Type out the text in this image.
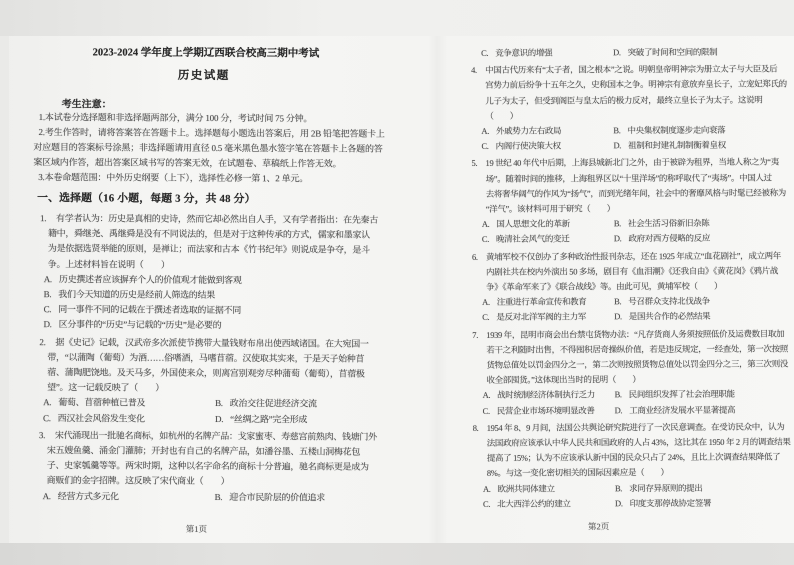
2023-2024 学年度上学期辽西联合校高三期中考试
历史试题
考生注意：
1.本试卷分选择题和非选择题两部分，满分 100 分，考试时间 75 分钟。
2.考生作答时，请将答案答在答题卡上。选择题每小题选出答案后，用 2B 铅笔把答题卡上
对应题目的答案标号涂黑；非选择题请用直径 0.5 毫米黑色墨水签字笔在答题卡上各题的答
案区域内作答，超出答案区域书写的答案无效，在试题卷、草稿纸上作答无效。
3.本卷命题范围：中外历史纲要（上下），选择性必修一第 1、2 单元。
一、选择题（16 小题，每题 3 分，共 48 分）
1. 有学者认为：历史是真相的史诗，然而它却必然出自人手，又有学者指出：在先秦古
籍中，舜继尧、禹继舜是没有不同说法的，但是对于这种传承的方式，儒家和墨家认
为是依据选贤举能的原则，是禅让；而法家和古本《竹书纪年》则说成是争夺，是斗
争。上述材料旨在说明（　　）
A. 历史撰述者应该摒弃个人的价值观才能做到客观
B. 我们今天知道的历史是经前人筛选的结果
C. 同一事件不同的记载在于撰述者选取的证据不同
D. 区分事件的“历史”与记载的“历史”是必要的
2. 据《史记》记载，汉武帝多次派使节携带大量钱财布帛出使西域诸国。在大宛国一
带，“以蒲陶（葡萄）为酒……俗嗜酒，马嗜苜蓿。汉使取其实来，于是天子始种苜
蓿、蒲陶肥饶地。及天马多，外国使来众，则离宫别观旁尽种蒲萄（葡萄），苜蓿极
望”。这一记载反映了（　　）
A. 葡萄、苜蓿种植已普及	B. 政治交往促进经济交流
C. 西汉社会风俗发生变化	D. “丝绸之路”完全形成
3. 宋代涌现出一批驰名商标，如杭州的名牌产品：戈家蜜枣、寿慈宫前熟肉、钱塘门外
宋五嫂鱼羹、涌金门灌肺；开封也有自己的名牌产品，如潘谷墨、五楼山洞梅花包
子、史家瓠羹等等。两宋时期，这种以名字命名的商标十分普遍，驰名商标更是成为
商贩们的金字招牌。这反映了宋代商业（　　）
A. 经营方式多元化	B. 迎合市民阶层的价值追求
第1页
C. 竞争意识的增强	D. 突破了时间和空间的限制
4. 中国古代历来有“太子者，国之根本”之说。明朝皇帝明神宗为册立太子与大臣及后
宫势力前后纷争十五年之久，史称国本之争。明神宗有意放弃皇长子，立宠妃郑氏的
儿子为太子，但受到阁臣与皇太后的极力反对，最终立皇长子为太子。这说明
（　　）
A. 外戚势力左右政局	B. 中央集权制度逐步走向衰落
C. 内阁行使决策大权	D. 祖制和封建礼制制衡着皇权
5. 19 世纪 40 年代中后期，上海县城新北门之外，由于被辟为租界，当地人称之为“夷
场”。随着时间的推移，上海租界区以“十里洋场”的称呼取代了“夷场”。中国人过
去将奢华阔气的作风为“扬气”，而到光绪年间，社会中的奢靡风格与时髦已经被称为
“洋气”。该材料可用于研究（　　）
A. 国人思想文化的革新	B. 社会生活习俗新旧杂陈
C. 晚清社会风气的变迁	D. 政府对西方侵略的反应
6. 黄埔军校不仅创办了多种政治性报刊杂志，还在 1925 年成立“血花剧社”，成立两年
内剧社共在校内外演出 50 多场，剧目有《血泪潮》《还我自由》《黄花岗》《鸦片战
争》《革命军来了》《联合战线》等。由此可见，黄埔军校（　　）
A. 注重进行革命宣传和教育	B. 号召群众支持北伐战争
C. 是反对北洋军阀的主力军	D. 是国共合作的必然结果
7. 1939 年，昆明市商会出台禁屯货物办法：“凡存货商人务须按照低价及运费数目取加
若干之利随时出售，不得囤积居奇操纵价值，若是违反规定，一经查处，第一次按照
货物总值处以罚金四分之一，第二次则按照货物总值处以罚金四分之三，第三次则没
收全部囤货。”这体现出当时的昆明（　　）
A. 战时统制经济体制执行乏力	B. 民间组织发挥了社会治理职能
C. 民营企业市场环境明显改善	D. 工商业经济发展水平显著提高
8. 1954 年 8、9 月间，法国公共舆论研究院进行了一次民意调查。在受访民众中，认为
法国政府应该承认中华人民共和国政府的人占 43%，这比其在 1950 年 2 月的调查结果
提高了 15%；认为不应该承认新中国的民众只占了 24%，且比上次调查结果降低了
8%。与这一变化密切相关的国际因素应是（　　）
A. 欧洲共同体建立	B. 求同存异原则的提出
C. 北大西洋公约的建立	D. 印度支那停战协定签署
第2页
